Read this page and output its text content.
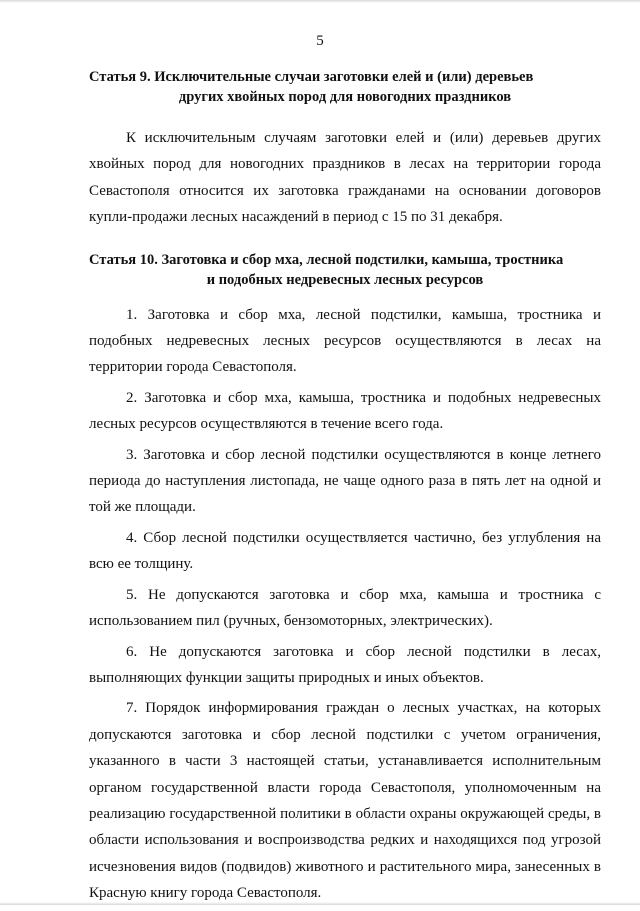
5
Статья 9. Исключительные случаи заготовки елей и (или) деревьев
других хвойных пород для новогодних праздников

К исключительным случаям заготовки елей и (или) деревьев других хвойных пород для новогодних праздников в лесах на территории города Севастополя относится их заготовка гражданами на основании договоров купли-продажи лесных насаждений в период с 15 по 31 декабря.

Статья 10. Заготовка и сбор мха, лесной подстилки, камыша, тростника
и подобных недревесных лесных ресурсов

1. Заготовка и сбор мха, лесной подстилки, камыша, тростника и подобных недревесных лесных ресурсов осуществляются в лесах на территории города Севастополя.

2. Заготовка и сбор мха, камыша, тростника и подобных недревесных лесных ресурсов осуществляются в течение всего года.

3. Заготовка и сбор лесной подстилки осуществляются в конце летнего периода до наступления листопада, не чаще одного раза в пять лет на одной и той же площади.

4. Сбор лесной подстилки осуществляется частично, без углубления на всю ее толщину.

5. Не допускаются заготовка и сбор мха, камыша и тростника с использованием пил (ручных, бензомоторных, электрических).

6. Не допускаются заготовка и сбор лесной подстилки в лесах, выполняющих функции защиты природных и иных объектов.

7. Порядок информирования граждан о лесных участках, на которых допускаются заготовка и сбор лесной подстилки с учетом ограничения, указанного в части 3 настоящей статьи, устанавливается исполнительным органом государственной власти города Севастополя, уполномоченным на реализацию государственной политики в области охраны окружающей среды, в области использования и воспроизводства редких и находящихся под угрозой исчезновения видов (подвидов) животного и растительного мира, занесенных в Красную книгу города Севастополя.
